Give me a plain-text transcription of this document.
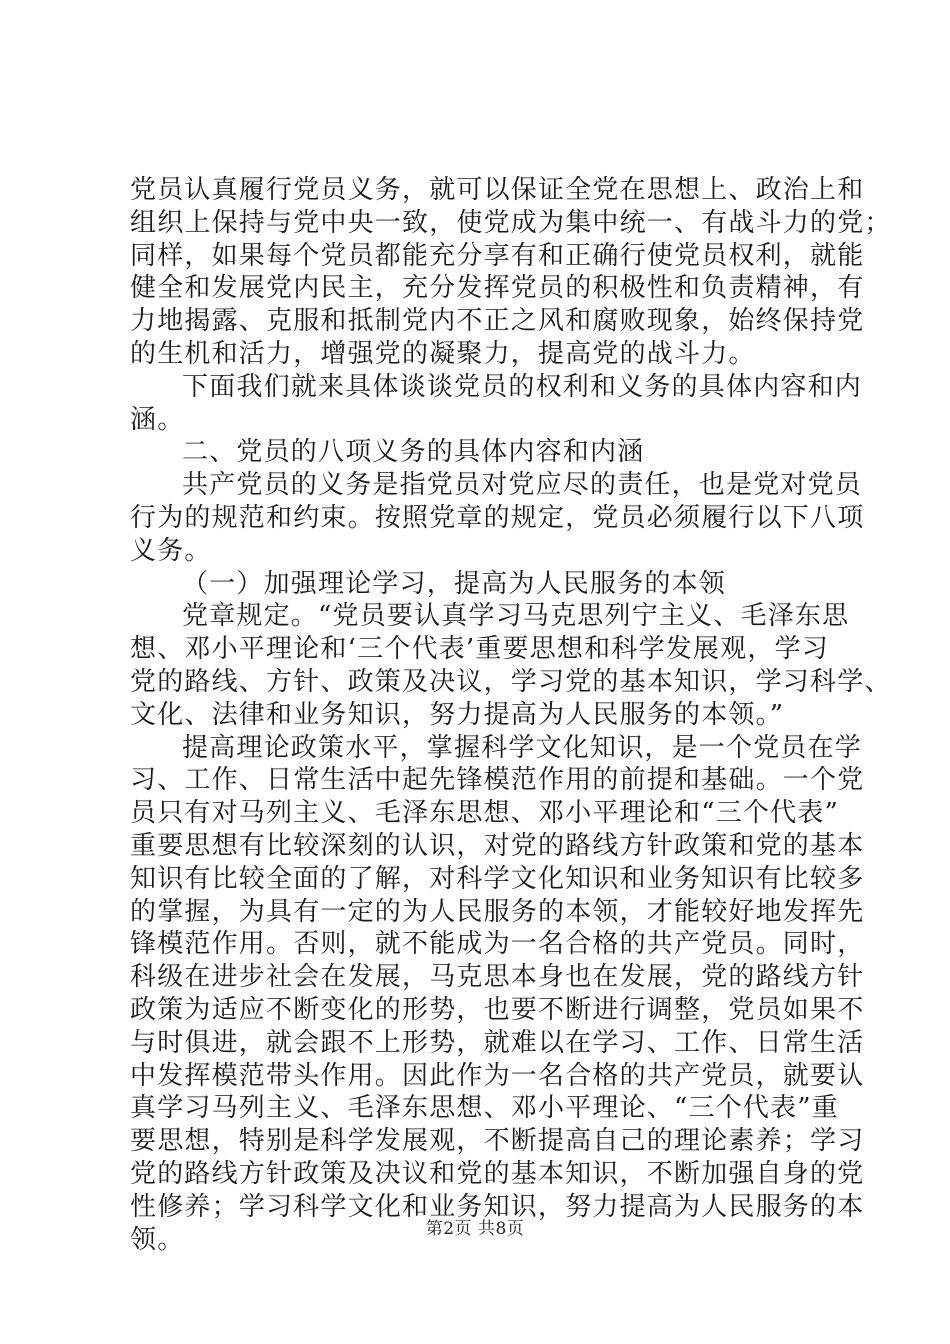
党员认真履行党员义务，就可以保证全党在思想上、政治上和
组织上保持与党中央一致，使党成为集中统一、有战斗力的党；
同样，如果每个党员都能充分享有和正确行使党员权利，就能
健全和发展党内民主，充分发挥党员的积极性和负责精神，有
力地揭露、克服和抵制党内不正之风和腐败现象，始终保持党
的生机和活力，增强党的凝聚力，提高党的战斗力。
下面我们就来具体谈谈党员的权利和义务的具体内容和内
涵。
二、党员的八项义务的具体内容和内涵
共产党员的义务是指党员对党应尽的责任，也是党对党员
行为的规范和约束。按照党章的规定，党员必须履行以下八项
义务。
（一）加强理论学习，提高为人民服务的本领
党章规定。“党员要认真学习马克思列宁主义、毛泽东思
想、邓小平理论和‘三个代表’重要思想和科学发展观，学习
党的路线、方针、政策及决议，学习党的基本知识，学习科学、
文化、法律和业务知识，努力提高为人民服务的本领。”
提高理论政策水平，掌握科学文化知识，是一个党员在学
习、工作、日常生活中起先锋模范作用的前提和基础。一个党
员只有对马列主义、毛泽东思想、邓小平理论和“三个代表”
重要思想有比较深刻的认识，对党的路线方针政策和党的基本
知识有比较全面的了解，对科学文化知识和业务知识有比较多
的掌握，为具有一定的为人民服务的本领，才能较好地发挥先
锋模范作用。否则，就不能成为一名合格的共产党员。同时，
科级在进步社会在发展，马克思本身也在发展，党的路线方针
政策为适应不断变化的形势，也要不断进行调整，党员如果不
与时俱进，就会跟不上形势，就难以在学习、工作、日常生活
中发挥模范带头作用。因此作为一名合格的共产党员，就要认
真学习马列主义、毛泽东思想、邓小平理论、“三个代表”重
要思想，特别是科学发展观，不断提高自己的理论素养；学习
党的路线方针政策及决议和党的基本知识，不断加强自身的党
性修养；学习科学文化和业务知识，努力提高为人民服务的本
领。	第2页 共8页
